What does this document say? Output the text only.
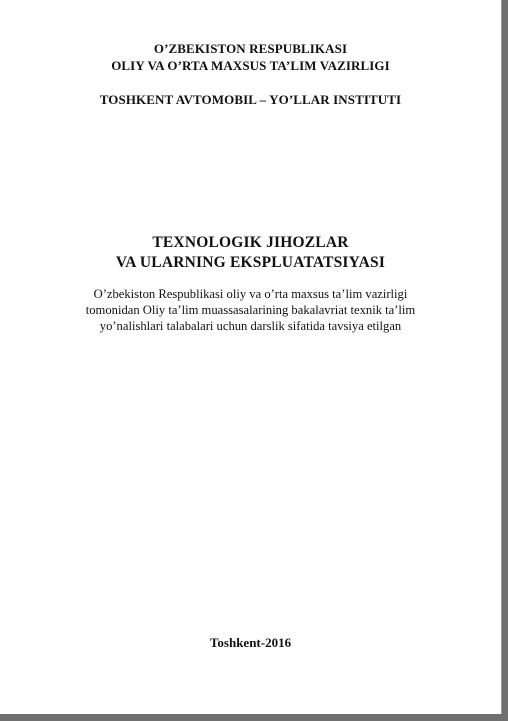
O’ZBEKISTON RESPUBLIKASI
OLIY VA O’RTA MAXSUS TA’LIM VAZIRLIGI
TOSHKENT AVTOMOBIL – YO’LLAR INSTITUTI
TEXNOLOGIK JIHOZLAR
VA ULARNING EKSPLUATATSIYASI
O’zbekiston Respublikasi oliy va o’rta maxsus ta’lim vazirligi
tomonidan Oliy ta’lim muassasalarining bakalavriat texnik ta’lim
yo’nalishlari talabalari uchun darslik sifatida tavsiya etilgan
Toshkent-2016
